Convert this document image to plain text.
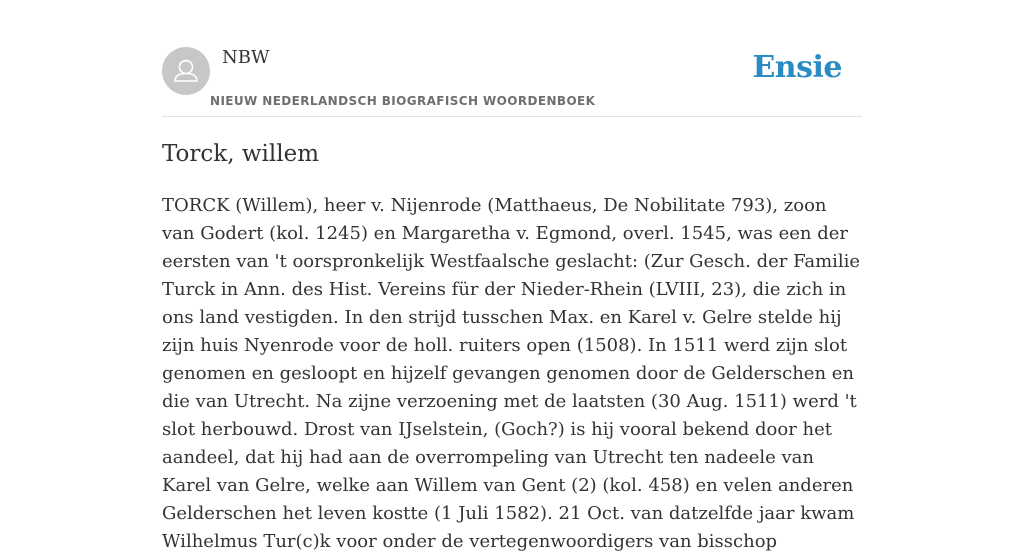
NBW
NIEUW NEDERLANDSCH BIOGRAFISCH WOORDENBOEK
Ensie
Torck, willem

TORCK (Willem), heer v. Nijenrode (Matthaeus, De Nobilitate 793), zoon van Godert (kol. 1245) en Margaretha v. Egmond, overl. 1545, was een der eersten van 't oorspronkelijk Westfaalsche geslacht: (Zur Gesch. der Familie Turck in Ann. des Hist. Vereins für der Nieder-Rhein (LVIII, 23), die zich in ons land vestigden. In den strijd tusschen Max. en Karel v. Gelre stelde hij zijn huis Nyenrode voor de holl. ruiters open (1508). In 1511 werd zijn slot genomen en gesloopt en hijzelf gevangen genomen door de Gelderschen en die van Utrecht. Na zijne verzoening met de laatsten (30 Aug. 1511) werd 't slot herbouwd. Drost van IJselstein, (Goch?) is hij vooral bekend door het aandeel, dat hij had aan de overrompeling van Utrecht ten nadeele van Karel van Gelre, welke aan Willem van Gent (2) (kol. 458) en velen anderen Gelderschen het leven kostte (1 Juli 1582). 21 Oct. van datzelfde jaar kwam Wilhelmus Tur(c)k voor onder de vertegenwoordigers van bisschop
